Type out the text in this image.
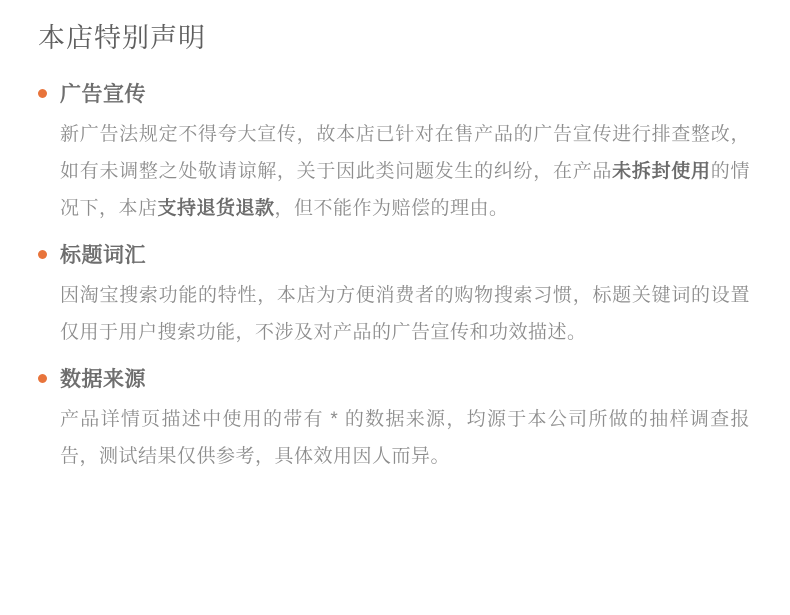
本店特别声明
广告宣传
新广告法规定不得夸大宣传，故本店已针对在售产品的广告宣传进行排查整改，如有未调整之处敬请谅解，关于因此类问题发生的纠纷，在产品未拆封使用的情况下，本店支持退货退款，但不能作为赔偿的理由。
标题词汇
因淘宝搜索功能的特性，本店为方便消费者的购物搜索习惯，标题关键词的设置仅用于用户搜索功能，不涉及对产品的广告宣传和功效描述。
数据来源
产品详情页描述中使用的带有 * 的数据来源，均源于本公司所做的抽样调查报告，测试结果仅供参考，具体效用因人而异。
